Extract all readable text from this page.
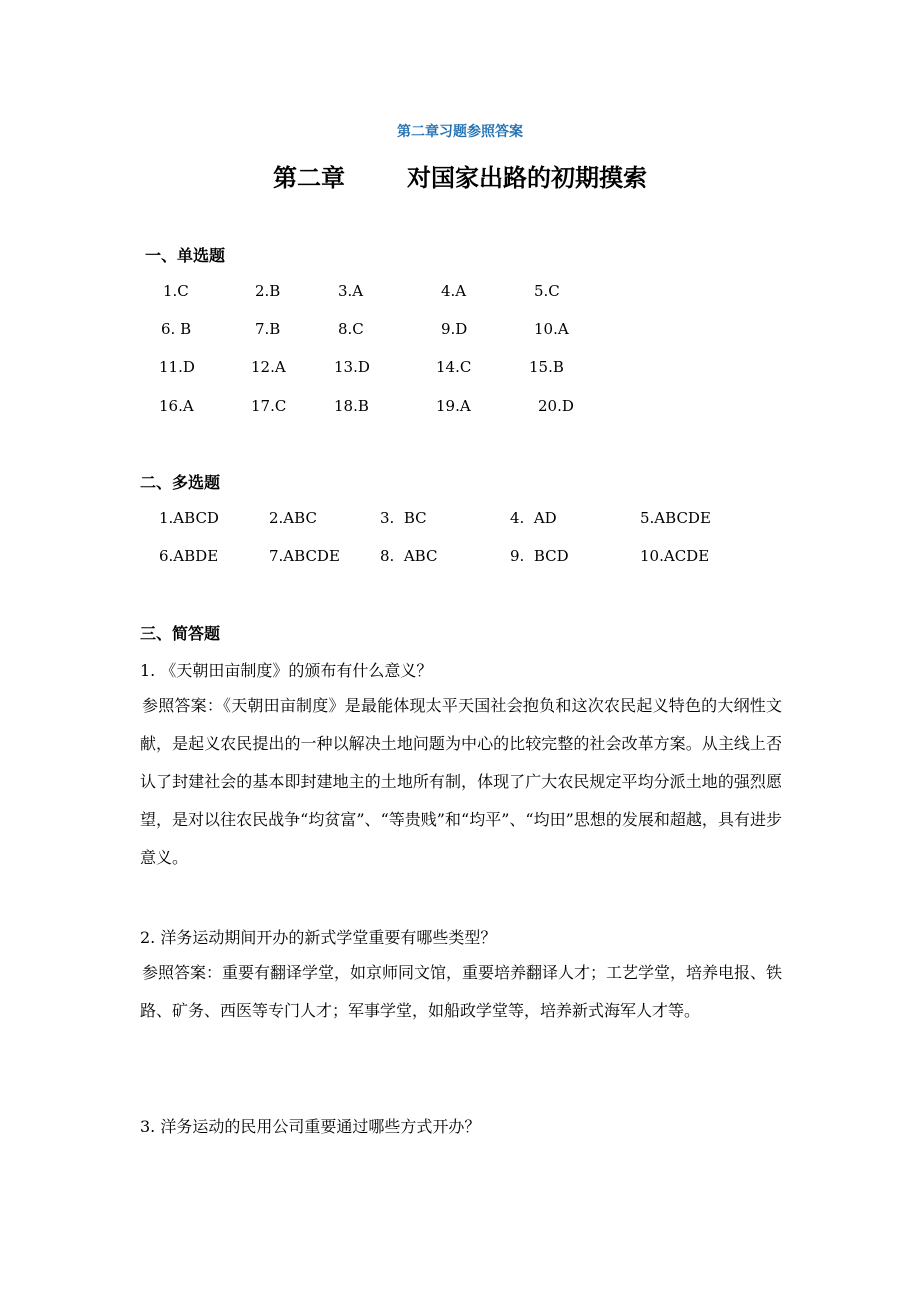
第二章习题参照答案
第二章	对国家出路的初期摸索
一、单选题
1.C	2.B	3.A	4.A	5.C
6. B	7.B	8.C	9.D	10.A
11.D	12.A	13.D	14.C	15.B
16.A	17.C	18.B	19.A	20.D
二、多选题
1.ABCD	2.ABC	3.  BC	4.  AD	5.ABCDE
6.ABDE	7.ABCDE	8.  ABC	9.  BCD	10.ACDE
三、简答题
1. 《天朝田亩制度》的颁布有什么意义？
参照答案：《天朝田亩制度》是最能体现太平天国社会抱负和这次农民起义特色的大纲性文献，是起义农民提出的一种以解决土地问题为中心的比较完整的社会改革方案。从主线上否认了封建社会的基本即封建地主的土地所有制，体现了广大农民规定平均分派土地的强烈愿望，是对以往农民战争“均贫富”、“等贵贱”和“均平”、“均田”思想的发展和超越，具有进步意义。
2. 洋务运动期间开办的新式学堂重要有哪些类型？
参照答案：重要有翻译学堂，如京师同文馆，重要培养翻译人才；工艺学堂，培养电报、铁路、矿务、西医等专门人才；军事学堂，如船政学堂等，培养新式海军人才等。
3. 洋务运动的民用公司重要通过哪些方式开办？
